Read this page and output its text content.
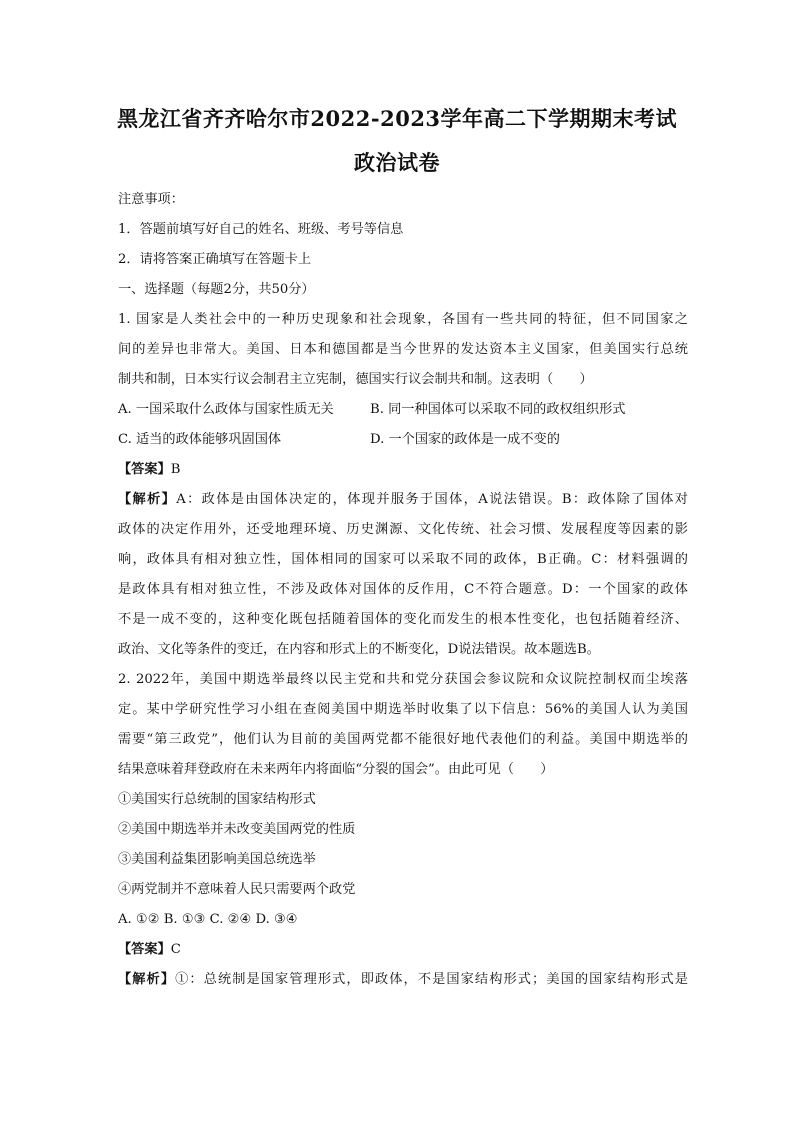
黑龙江省齐齐哈尔市2022-2023学年高二下学期期末考试
政治试卷
注意事项：
1．答题前填写好自己的姓名、班级、考号等信息
2．请将答案正确填写在答题卡上
一、选择题（每题2分，共50分）
1. 国家是人类社会中的一种历史现象和社会现象，各国有一些共同的特征，但不同国家之
间的差异也非常大。美国、日本和德国都是当今世界的发达资本主义国家，但美国实行总统
制共和制，日本实行议会制君主立宪制，德国实行议会制共和制。这表明（　　）
A. 一国采取什么政体与国家性质无关	B. 同一种国体可以采取不同的政权组织形式
C. 适当的政体能够巩固国体	D. 一个国家的政体是一成不变的
【答案】B
【解析】A：政体是由国体决定的，体现并服务于国体，A说法错误。B：政体除了国体对
政体的决定作用外，还受地理环境、历史渊源、文化传统、社会习惯、发展程度等因素的影
响，政体具有相对独立性，国体相同的国家可以采取不同的政体，B正确。C：材料强调的
是政体具有相对独立性，不涉及政体对国体的反作用，C不符合题意。D：一个国家的政体
不是一成不变的，这种变化既包括随着国体的变化而发生的根本性变化，也包括随着经济、
政治、文化等条件的变迁，在内容和形式上的不断变化，D说法错误。故本题选B。
2. 2022年，美国中期选举最终以民主党和共和党分获国会参议院和众议院控制权而尘埃落
定。某中学研究性学习小组在查阅美国中期选举时收集了以下信息：56%的美国人认为美国
需要“第三政党”，他们认为目前的美国两党都不能很好地代表他们的利益。美国中期选举的
结果意味着拜登政府在未来两年内将面临“分裂的国会”。由此可见（　　）
①美国实行总统制的国家结构形式
②美国中期选举并未改变美国两党的性质
③美国利益集团影响美国总统选举
④两党制并不意味着人民只需要两个政党
A. ①② B. ①③ C. ②④ D. ③④
【答案】C
【解析】①：总统制是国家管理形式，即政体，不是国家结构形式；美国的国家结构形式是
